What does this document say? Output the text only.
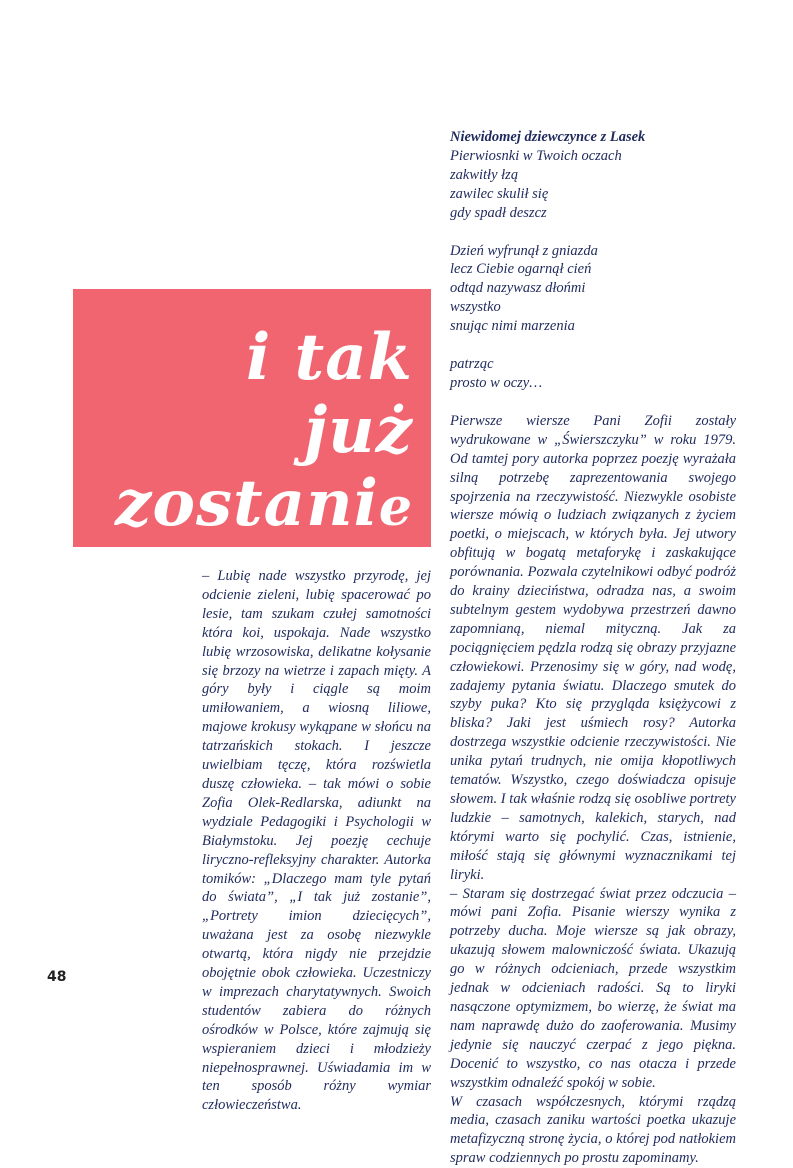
i tak
już
zostanie

Niewidomej dziewczynce z Lasek

Pierwiosnki w Twoich oczach
zakwitły łzą
zawilec skulił się
gdy spadł deszcz
Dzień wyfrunął z gniazda
lecz Ciebie ogarnął cień
odtąd nazywasz dłońmi
wszystko
snując nimi marzenia
patrząc
prosto w oczy…

Pierwsze wiersze Pani Zofii zostały wydrukowane w „Świerszczyku” w roku 1979. Od tamtej pory autorka poprzez poezję wyrażała silną potrzebę zaprezentowania swojego spojrzenia na rzeczywistość. Niezwykle osobiste wiersze mówią o ludziach związanych z życiem poetki, o miejscach, w których była. Jej utwory obfitują w bogatą metaforykę i zaskakujące porównania. Pozwala czytelnikowi odbyć podróż do krainy dzieciństwa, odradza nas, a swoim subtelnym gestem wydobywa przestrzeń dawno zapomnianą, niemal mityczną. Jak za pociągnięciem pędzla rodzą się obrazy przyjazne człowiekowi. Przenosimy się w góry, nad wodę, zadajemy pytania światu. Dlaczego smutek do szyby puka? Kto się przygląda księżycowi z bliska? Jaki jest uśmiech rosy? Autorka dostrzega wszystkie odcienie rzeczywistości. Nie unika pytań trudnych, nie omija kłopotliwych tematów. Wszystko, czego doświadcza opisuje słowem. I tak właśnie rodzą się osobliwe portrety ludzkie – samotnych, kalekich, starych, nad którymi warto się pochylić. Czas, istnienie, miłość stają się głównymi wyznacznikami tej liryki.

– Staram się dostrzegać świat przez odczucia – mówi pani Zofia. Pisanie wierszy wynika z potrzeby ducha. Moje wiersze są jak obrazy, ukazują słowem malowniczość świata. Ukazują go w różnych odcieniach, przede wszystkim jednak w odcieniach radości. Są to liryki nasączone optymizmem, bo wierzę, że świat ma nam naprawdę dużo do zaoferowania. Musimy jedynie się nauczyć czerpać z jego piękna. Docenić to wszystko, co nas otacza i przede wszystkim odnaleźć spokój w sobie.

W czasach współczesnych, którymi rządzą media, czasach zaniku wartości poetka ukazuje metafizyczną stronę życia, o której pod natłokiem spraw codziennych po prostu zapominamy.

– Lubię nade wszystko przyrodę, jej odcienie zieleni, lubię spacerować po lesie, tam szukam czułej samotności która koi, uspokaja. Nade wszystko lubię wrzosowiska, delikatne kołysanie się brzozy na wietrze i zapach mięty. A góry były i ciągle są moim umiłowaniem, a wiosną liliowe, majowe krokusy wykąpane w słońcu na tatrzańskich stokach. I jeszcze uwielbiam tęczę, która rozświetla duszę człowieka. – tak mówi o sobie Zofia Olek-Redlarska, adiunkt na wydziale Pedagogiki i Psychologii w Białymstoku. Jej poezję cechuje liryczno-refleksyjny charakter. Autorka tomików: „Dlaczego mam tyle pytań do świata”, „I tak już zostanie”, „Portrety imion dziecięcych”, uważana jest za osobę niezwykle otwartą, która nigdy nie przejdzie obojętnie obok człowieka. Uczestniczy w imprezach charytatywnych. Swoich studentów zabiera do różnych ośrodków w Polsce, które zajmują się wspieraniem dzieci i młodzieży niepełnosprawnej. Uświadamia im w ten sposób różny wymiar człowieczeństwa.

48
